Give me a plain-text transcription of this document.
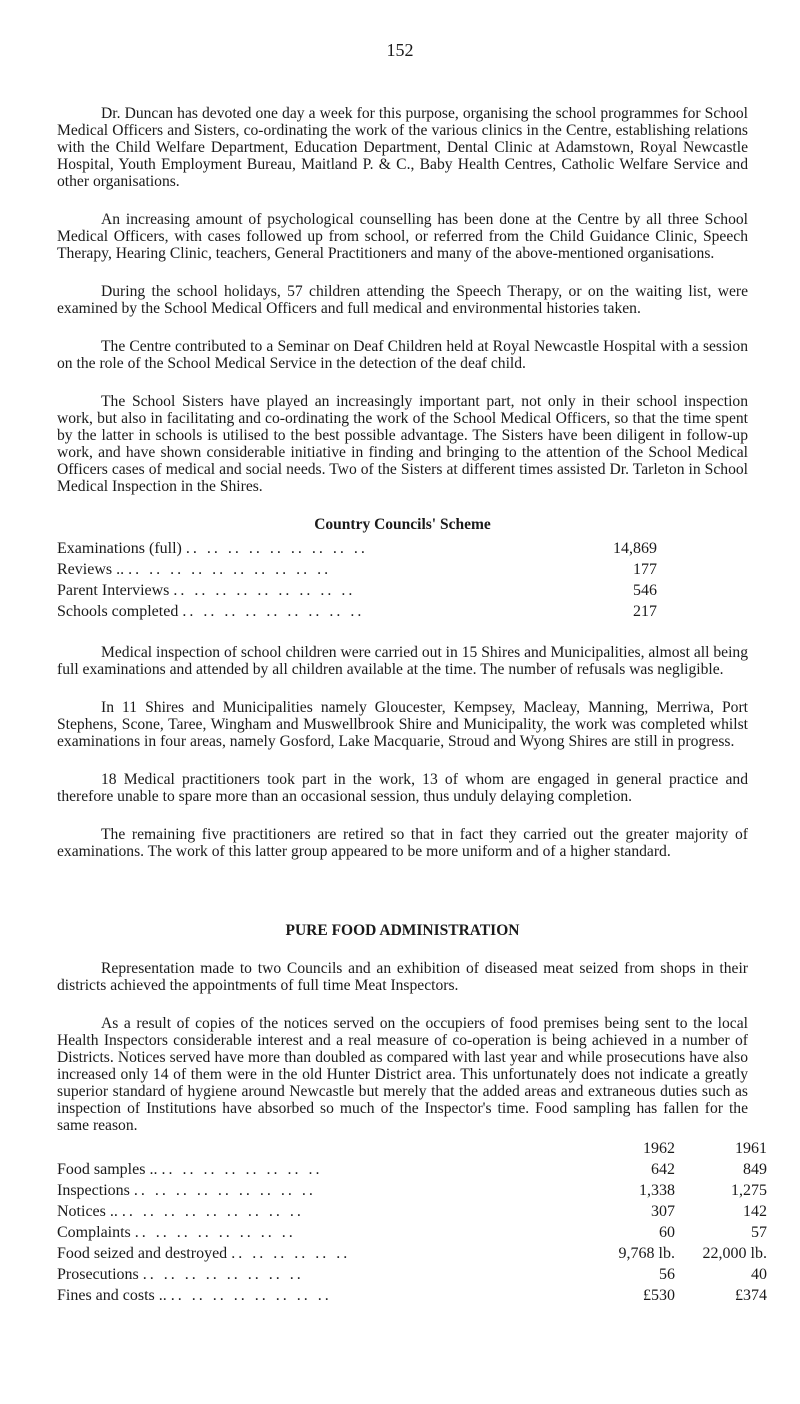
152

Dr. Duncan has devoted one day a week for this purpose, organising the school programmes for School Medical Officers and Sisters, co-ordinating the work of the various clinics in the Centre, establishing relations with the Child Welfare Department, Education Department, Dental Clinic at Adamstown, Royal Newcastle Hospital, Youth Employment Bureau, Maitland P. & C., Baby Health Centres, Catholic Welfare Service and other organisations.

An increasing amount of psychological counselling has been done at the Centre by all three School Medical Officers, with cases followed up from school, or referred from the Child Guidance Clinic, Speech Therapy, Hearing Clinic, teachers, General Practitioners and many of the above-mentioned organisations.

During the school holidays, 57 children attending the Speech Therapy, or on the waiting list, were examined by the School Medical Officers and full medical and environmental histories taken.

The Centre contributed to a Seminar on Deaf Children held at Royal Newcastle Hospital with a session on the role of the School Medical Service in the detection of the deaf child.

The School Sisters have played an increasingly important part, not only in their school inspection work, but also in facilitating and co-ordinating the work of the School Medical Officers, so that the time spent by the latter in schools is utilised to the best possible advantage. The Sisters have been diligent in follow-up work, and have shown considerable initiative in finding and bringing to the attention of the School Medical Officers cases of medical and social needs. Two of the Sisters at different times assisted Dr. Tarleton in School Medical Inspection in the Shires.

Country Councils' Scheme
Examinations (full) .. .. .. .. .. .. .. .. ..	14,869
Reviews .. .. .. .. .. .. .. .. .. .. ..	177
Parent Interviews .. .. .. .. .. .. .. .. ..	546
Schools completed .. .. .. .. .. .. .. .. ..	217

Medical inspection of school children were carried out in 15 Shires and Municipalities, almost all being full examinations and attended by all children available at the time. The number of refusals was negligible.

In 11 Shires and Municipalities namely Gloucester, Kempsey, Macleay, Manning, Merriwa, Port Stephens, Scone, Taree, Wingham and Muswellbrook Shire and Municipality, the work was completed whilst examinations in four areas, namely Gosford, Lake Macquarie, Stroud and Wyong Shires are still in progress.

18 Medical practitioners took part in the work, 13 of whom are engaged in general practice and therefore unable to spare more than an occasional session, thus unduly delaying completion.

The remaining five practitioners are retired so that in fact they carried out the greater majority of examinations. The work of this latter group appeared to be more uniform and of a higher standard.

PURE FOOD ADMINISTRATION

Representation made to two Councils and an exhibition of diseased meat seized from shops in their districts achieved the appointments of full time Meat Inspectors.

As a result of copies of the notices served on the occupiers of food premises being sent to the local Health Inspectors considerable interest and a real measure of co-operation is being achieved in a number of Districts. Notices served have more than doubled as compared with last year and while prosecutions have also increased only 14 of them were in the old Hunter District area. This unfortunately does not indicate a greatly superior standard of hygiene around Newcastle but merely that the added areas and extraneous duties such as inspection of Institutions have absorbed so much of the Inspector's time. Food sampling has fallen for the same reason.

1962	1961
Food samples .. .. .. .. .. .. .. .. ..	642	849
Inspections .. .. .. .. .. .. .. .. ..	1,338	1,275
Notices .. .. .. .. .. .. .. .. .. ..	307	142
Complaints .. .. .. .. .. .. .. ..	60	57
Food seized and destroyed .. .. .. .. .. ..	9,768 lb.	22,000 lb.
Prosecutions .. .. .. .. .. .. .. ..	56	40
Fines and costs .. .. .. .. .. .. .. .. ..	£530	£374
